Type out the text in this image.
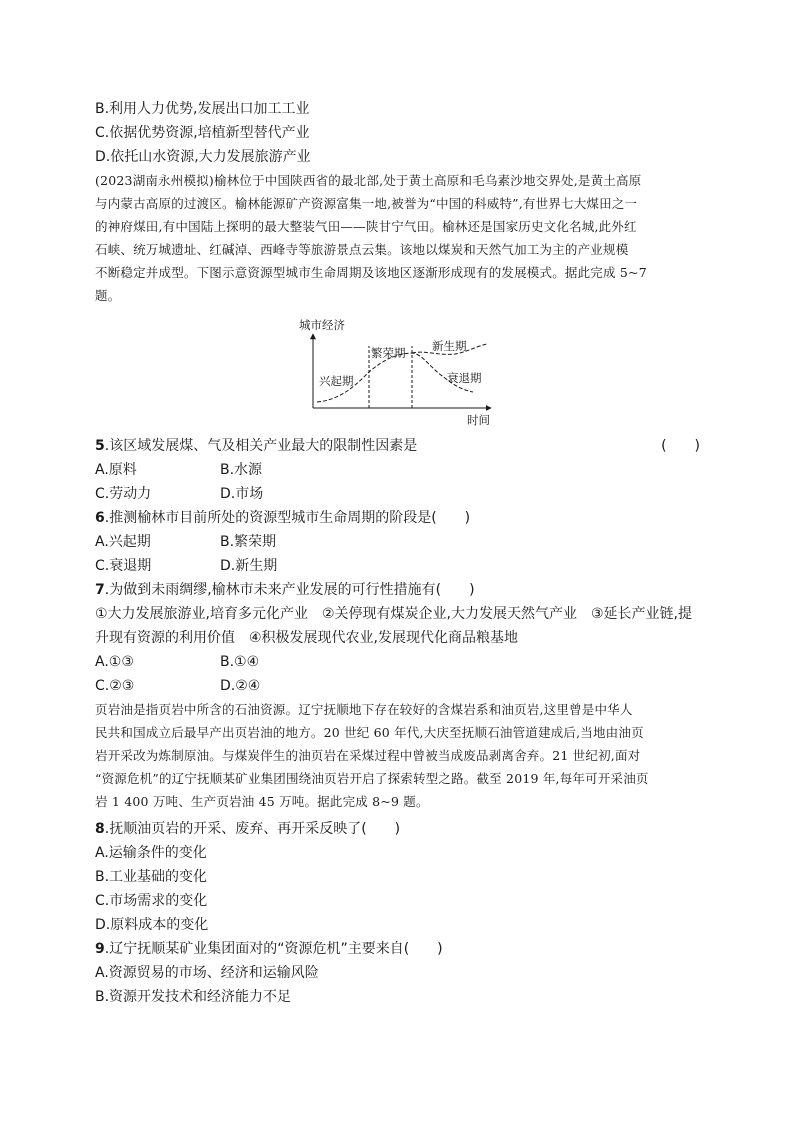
B.利用人力优势,发展出口加工工业
C.依据优势资源,培植新型替代产业
D.依托山水资源,大力发展旅游产业
(2023湖南永州模拟)榆林位于中国陕西省的最北部,处于黄土高原和毛乌素沙地交界处,是黄土高原
与内蒙古高原的过渡区。榆林能源矿产资源富集一地,被誉为“中国的科威特”,有世界七大煤田之一
的神府煤田,有中国陆上探明的最大整装气田——陕甘宁气田。榆林还是国家历史文化名城,此外红
石峡、统万城遗址、红碱淖、西峰寺等旅游景点云集。该地以煤炭和天然气加工为主的产业规模
不断稳定并成型。下图示意资源型城市生命周期及该地区逐渐形成现有的发展模式。据此完成 5~7
题。
城市经济
时间
兴起期
繁荣期 新生期
衰退期
5.该区域发展煤、气及相关产业最大的限制性因素是	(　　)
A.原料	B.水源
C.劳动力	D.市场
6.推测榆林市目前所处的资源型城市生命周期的阶段是(　　)
A.兴起期	B.繁荣期
C.衰退期	D.新生期
7.为做到未雨绸缪,榆林市未来产业发展的可行性措施有(　　)
①大力发展旅游业,培育多元化产业　②关停现有煤炭企业,大力发展天然气产业　③延长产业链,提
升现有资源的利用价值　④积极发展现代农业,发展现代化商品粮基地
A.①③	B.①④
C.②③	D.②④
页岩油是指页岩中所含的石油资源。辽宁抚顺地下存在较好的含煤岩系和油页岩,这里曾是中华人
民共和国成立后最早产出页岩油的地方。20 世纪 60 年代,大庆至抚顺石油管道建成后,当地由油页
岩开采改为炼制原油。与煤炭伴生的油页岩在采煤过程中曾被当成废品剥离舍弃。21 世纪初,面对
“资源危机”的辽宁抚顺某矿业集团围绕油页岩开启了探索转型之路。截至 2019 年,每年可开采油页
岩 1 400 万吨、生产页岩油 45 万吨。据此完成 8~9 题。
8.抚顺油页岩的开采、废弃、再开采反映了(　　)
A.运输条件的变化
B.工业基础的变化
C.市场需求的变化
D.原料成本的变化
9.辽宁抚顺某矿业集团面对的“资源危机”主要来自(　　)
A.资源贸易的市场、经济和运输风险
B.资源开发技术和经济能力不足
